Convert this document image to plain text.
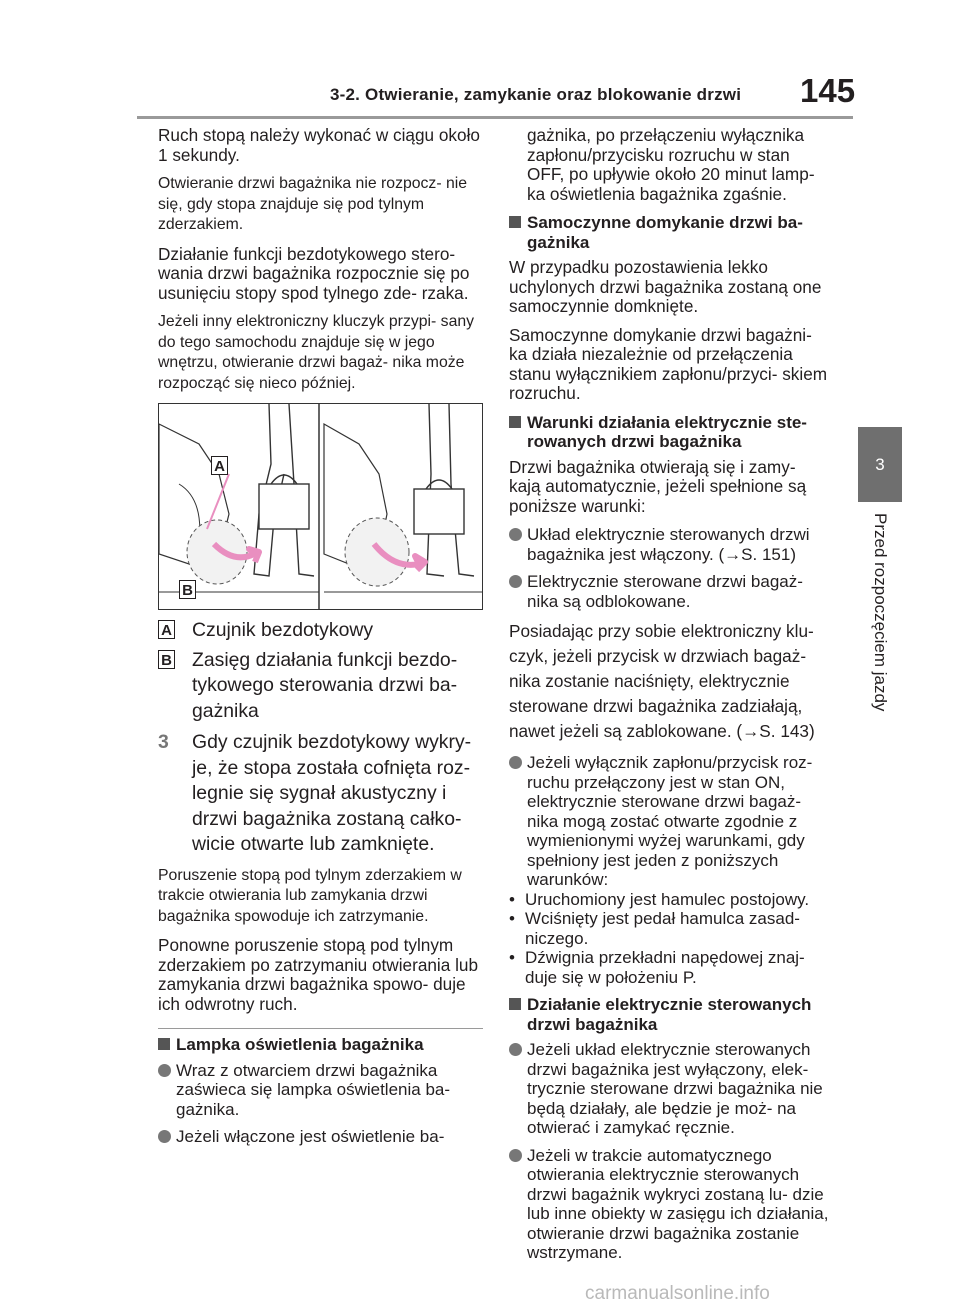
3-2. Otwieranie, zamykanie oraz blokowanie drzwi 145
3
Przed rozpoczęciem jazdy

Ruch stopą należy wykonać w ciągu około 1 sekundy.

Otwieranie drzwi bagażnika nie rozpocz- nie się, gdy stopa znajduje się pod tylnym zderzakiem.

Działanie funkcji bezdotykowego stero- wania drzwi bagażnika rozpocznie się po usunięciu stopy spod tylnego zde- rzaka.

Jeżeli inny elektroniczny kluczyk przypi- sany do tego samochodu znajduje się w jego wnętrzu, otwieranie drzwi bagaż- nika może rozpocząć się nieco później.

A
B
A Czujnik bezdotykowy
B Zasięg działania funkcji bezdo- tykowego sterowania drzwi ba- gażnika
3 Gdy czujnik bezdotykowy wykry- je, że stopa została cofnięta roz- legnie się sygnał akustyczny i drzwi bagażnika zostaną całko- wicie otwarte lub zamknięte.

Poruszenie stopą pod tylnym zderzakiem w trakcie otwierania lub zamykania drzwi bagażnika spowoduje ich zatrzymanie.

Ponowne poruszenie stopą pod tylnym zderzakiem po zatrzymaniu otwierania lub zamykania drzwi bagażnika spowo- duje ich odwrotny ruch.

Lampka oświetlenia bagażnika
Wraz z otwarciem drzwi bagażnika zaświeca się lampka oświetlenia ba- gażnika.
Jeżeli włączone jest oświetlenie ba-

gażnika, po przełączeniu wyłącznika zapłonu/przycisku rozruchu w stan OFF, po upływie około 20 minut lamp- ka oświetlenia bagażnika zgaśnie.

Samoczynne domykanie drzwi ba- gażnika

W przypadku pozostawienia lekko uchylonych drzwi bagażnika zostaną one samoczynnie domknięte.

Samoczynne domykanie drzwi bagażni- ka działa niezależnie od przełączenia stanu wyłącznikiem zapłonu/przyci- skiem rozruchu.

Warunki działania elektrycznie ste- rowanych drzwi bagażnika

Drzwi bagażnika otwierają się i zamy- kają automatycznie, jeżeli spełnione są poniższe warunki:

Układ elektrycznie sterowanych drzwi bagażnika jest włączony. (→S. 151)
Elektrycznie sterowane drzwi bagaż- nika są odblokowane.

Posiadając przy sobie elektroniczny klu- czyk, jeżeli przycisk w drzwiach bagaż- nika zostanie naciśnięty, elektrycznie sterowane drzwi bagażnika zadziałają, nawet jeżeli są zablokowane. (→S. 143)

Jeżeli wyłącznik zapłonu/przycisk roz- ruchu przełączony jest w stan ON, elektrycznie sterowane drzwi bagaż- nika mogą zostać otwarte zgodnie z wymienionymi wyżej warunkami, gdy spełniony jest jeden z poniższych warunków:
• Uruchomiony jest hamulec postojowy.
• Wciśnięty jest pedał hamulca zasad- niczego.
• Dźwignia przekładni napędowej znaj- duje się w położeniu P.
Działanie elektrycznie sterowanych drzwi bagażnika
Jeżeli układ elektrycznie sterowanych drzwi bagażnika jest wyłączony, elek- trycznie sterowane drzwi bagażnika nie będą działały, ale będzie je moż- na otwierać i zamykać ręcznie.
Jeżeli w trakcie automatycznego otwierania elektrycznie sterowanych drzwi bagażnik wykryci zostaną lu- dzie lub inne obiekty w zasięgu ich działania, otwieranie drzwi bagażnika zostanie wstrzymane.
carmanualsonline.info
